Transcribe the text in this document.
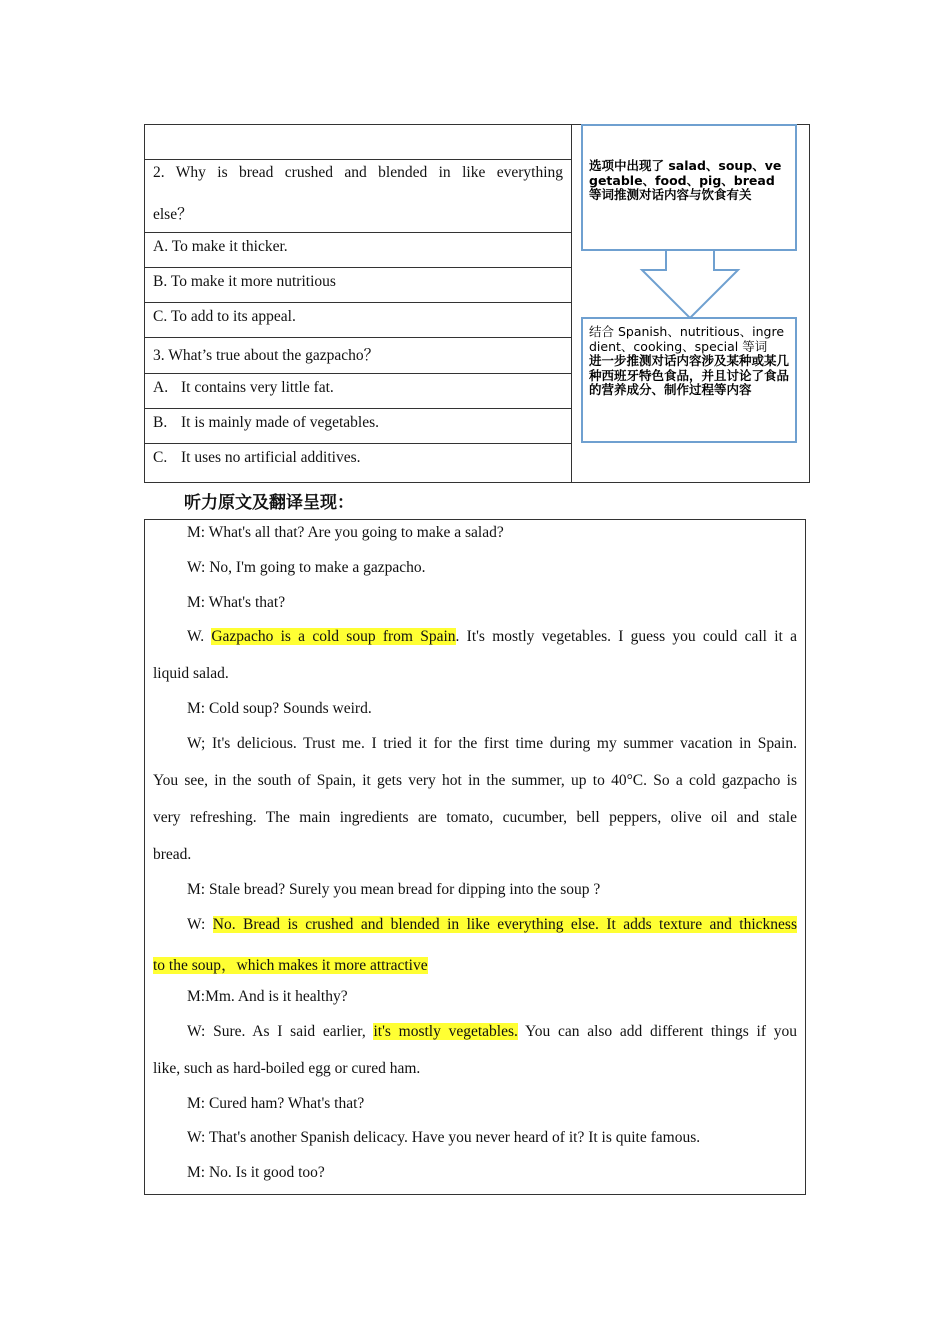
2. Why is bread crushed and blended in like everything
else？
A. To make it thicker.
B. To make it more nutritious
C. To add to its appeal.
3. What’s true about the gazpacho？
A. It contains very little fat.
B. It is mainly made of vegetables.
C. It uses no artificial additives.
选项中出现了 salad、soup、vegetable、food、pig、bread 等词推测对话内容与饮食有关
结合 Spanish、nutritious、ingredient、cooking、special 等词
进一步推测对话内容涉及某种或某几种西班牙特色食品，并且讨论了食品的营养成分、制作过程等内容
听力原文及翻译呈现：
M: What's all that? Are you going to make a salad?
W: No, I'm going to make a gazpacho.
M: What's that?
W. Gazpacho is a cold soup from Spain. It's mostly vegetables. I guess you could call it a
liquid salad.
M: Cold soup? Sounds weird.
W; It's delicious. Trust me. I tried it for the first time during my summer vacation in Spain.
You see, in the south of Spain, it gets very hot in the summer, up to 40°C. So a cold gazpacho is
very refreshing. The main ingredients are tomato, cucumber, bell peppers, olive oil and stale
bread.
M: Stale bread? Surely you mean bread for dipping into the soup ?
W: No. Bread is crushed and blended in like everything else. It adds texture and thickness
to the soup，which makes it more attractive
M:Mm. And is it healthy?
W: Sure. As I said earlier, it's mostly vegetables. You can also add different things if you
like, such as hard-boiled egg or cured ham.
M: Cured ham? What's that?
W: That's another Spanish delicacy. Have you never heard of it? It is quite famous.
M: No. Is it good too?
